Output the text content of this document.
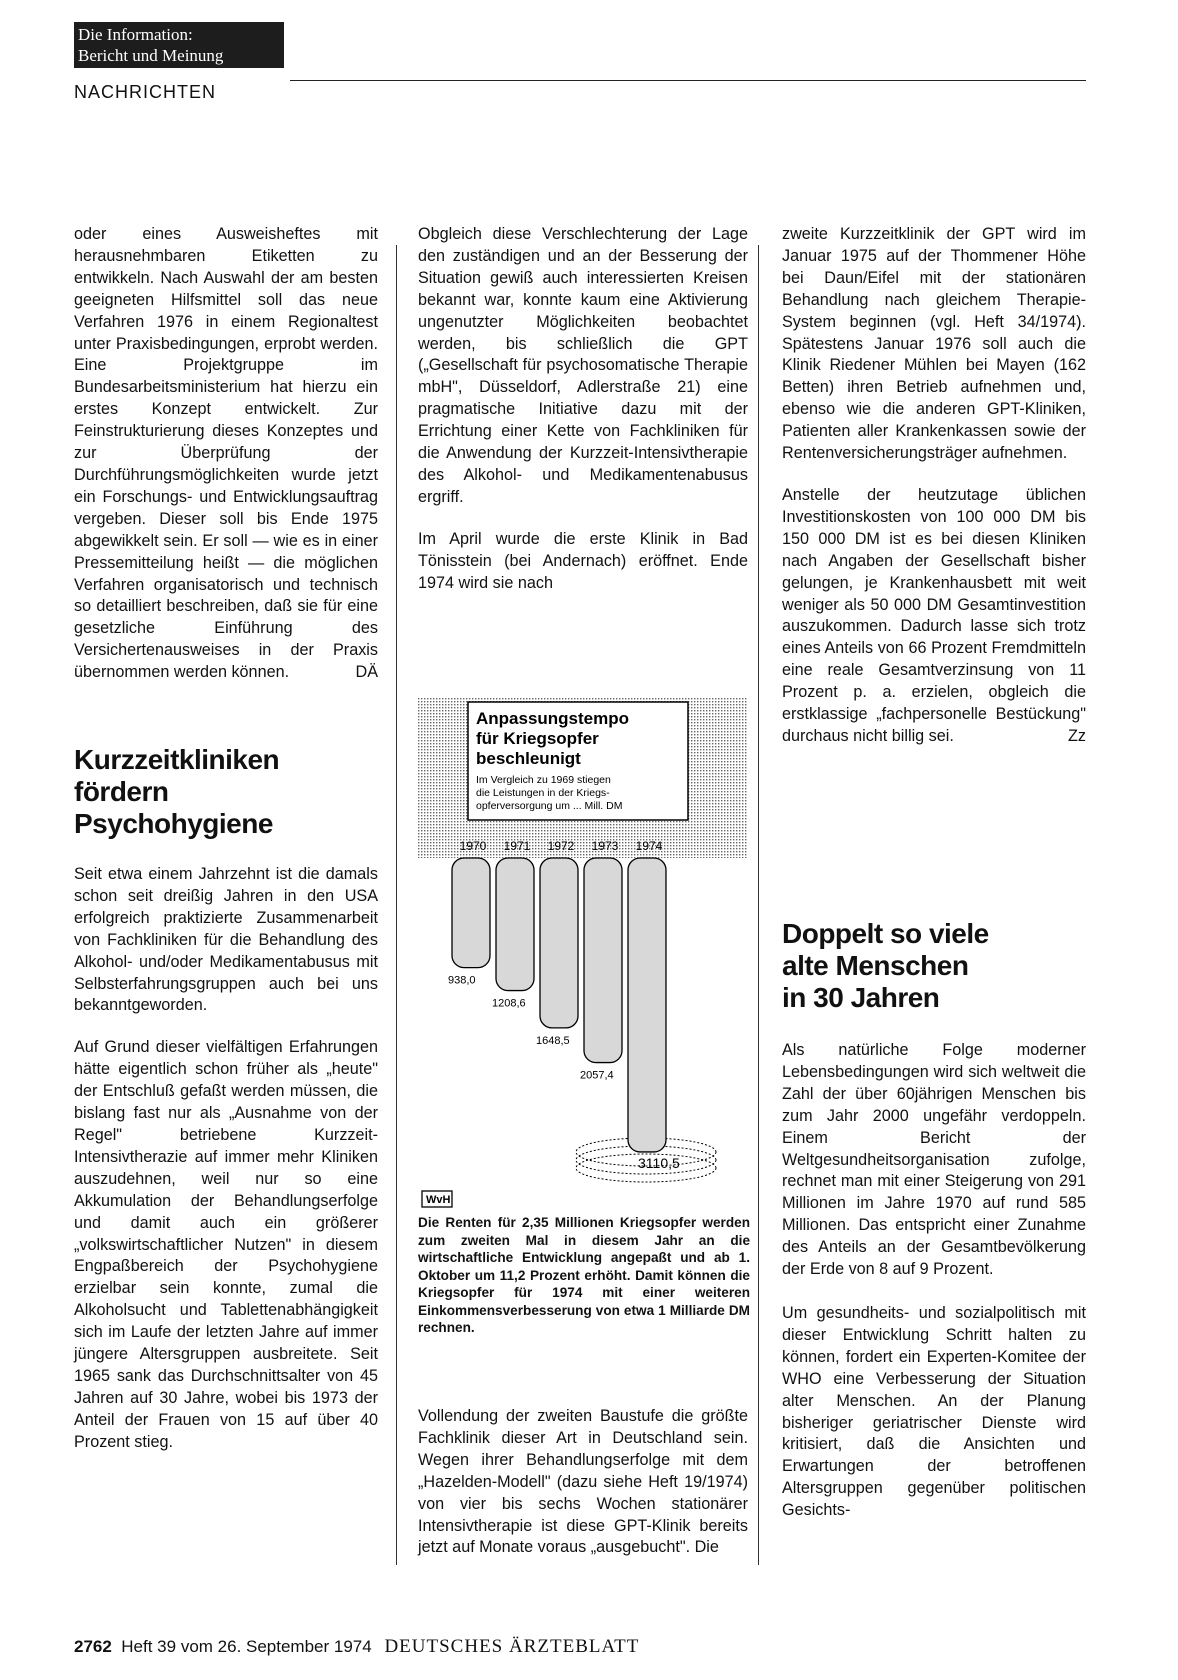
Die Information:
Bericht und Meinung
NACHRICHTEN

oder eines Ausweisheftes mit herausnehmbaren Etiketten zu entwikkeln. Nach Auswahl der am besten geeigneten Hilfsmittel soll das neue Verfahren 1976 in einem Regionaltest unter Praxisbedingungen, erprobt werden. Eine Projektgruppe im Bundesarbeitsministerium hat hierzu ein erstes Konzept entwickelt. Zur Feinstrukturierung dieses Konzeptes und zur Überprüfung der Durchführungsmöglichkeiten wurde jetzt ein Forschungs- und Entwicklungsauftrag vergeben. Dieser soll bis Ende 1975 abgewikkelt sein. Er soll — wie es in einer Pressemitteilung heißt — die möglichen Verfahren organisatorisch und technisch so detailliert beschreiben, daß sie für eine gesetzliche Einführung des Versichertenausweises in der Praxis übernommen werden können.	DÄ

Kurzzeitkliniken
fördern
Psychohygiene

Seit etwa einem Jahrzehnt ist die damals schon seit dreißig Jahren in den USA erfolgreich praktizierte Zusammenarbeit von Fachkliniken für die Behandlung des Alkohol- und/oder Medikamentabusus mit Selbsterfahrungsgruppen auch bei uns bekanntgeworden.

Auf Grund dieser vielfältigen Erfahrungen hätte eigentlich schon früher als „heute" der Entschluß gefaßt werden müssen, die bislang fast nur als „Ausnahme von der Regel" betriebene Kurzzeit-Intensivtherazie auf immer mehr Kliniken auszudehnen, weil nur so eine Akkumulation der Behandlungserfolge und damit auch ein größerer „volkswirtschaftlicher Nutzen" in diesem Engpaßbereich der Psychohygiene erzielbar sein konnte, zumal die Alkoholsucht und Tablettenabhängigkeit sich im Laufe der letzten Jahre auf immer jüngere Altersgruppen ausbreitete. Seit 1965 sank das Durchschnittsalter von 45 Jahren auf 30 Jahre, wobei bis 1973 der Anteil der Frauen von 15 auf über 40 Prozent stieg.

Obgleich diese Verschlechterung der Lage den zuständigen und an der Besserung der Situation gewiß auch interessierten Kreisen bekannt war, konnte kaum eine Aktivierung ungenutzter Möglichkeiten beobachtet werden, bis schließlich die GPT („Gesellschaft für psychosomatische Therapie mbH", Düsseldorf, Adlerstraße 21) eine pragmatische Initiative dazu mit der Errichtung einer Kette von Fachkliniken für die Anwendung der Kurzzeit-Intensivtherapie des Alkohol- und Medikamentenabusus ergriff.

Im April wurde die erste Klinik in Bad Tönisstein (bei Andernach) eröffnet. Ende 1974 wird sie nach

Anpassungstempo
für Kriegsopfer
beschleunigt
Im Vergleich zu 1969 stiegen
die Leistungen in der Kriegs-
opferversorgung um ... Mill. DM
1970
938,0
1971
1208,6
1972
1648,5
1973
2057,4
1974
3110,5
WvH
Die Renten für 2,35 Millionen Kriegsopfer werden zum zweiten Mal in diesem Jahr an die wirtschaftliche Entwicklung angepaßt und ab 1. Oktober um 11,2 Prozent erhöht. Damit können die Kriegsopfer für 1974 mit einer weiteren Einkommensverbesserung von etwa 1 Milliarde DM rechnen.

Vollendung der zweiten Baustufe die größte Fachklinik dieser Art in Deutschland sein. Wegen ihrer Behandlungserfolge mit dem „Hazelden-Modell" (dazu siehe Heft 19/1974) von vier bis sechs Wochen stationärer Intensivtherapie ist diese GPT-Klinik bereits jetzt auf Monate voraus „ausgebucht". Die

zweite Kurzzeitklinik der GPT wird im Januar 1975 auf der Thommener Höhe bei Daun/Eifel mit der stationären Behandlung nach gleichem Therapie-System beginnen (vgl. Heft 34/1974). Spätestens Januar 1976 soll auch die Klinik Riedener Mühlen bei Mayen (162 Betten) ihren Betrieb aufnehmen und, ebenso wie die anderen GPT-Kliniken, Patienten aller Krankenkassen sowie der Rentenversicherungsträger aufnehmen.

Anstelle der heutzutage üblichen Investitionskosten von 100 000 DM bis 150 000 DM ist es bei diesen Kliniken nach Angaben der Gesellschaft bisher gelungen, je Krankenhausbett mit weit weniger als 50 000 DM Gesamtinvestition auszukommen. Dadurch lasse sich trotz eines Anteils von 66 Prozent Fremdmitteln eine reale Gesamtverzinsung von 11 Prozent p. a. erzielen, obgleich die erstklassige „fachpersonelle Bestückung" durchaus nicht billig sei.	Zz

Doppelt so viele
alte Menschen
in 30 Jahren

Als natürliche Folge moderner Lebensbedingungen wird sich weltweit die Zahl der über 60jährigen Menschen bis zum Jahr 2000 ungefähr verdoppeln. Einem Bericht der Weltgesundheitsorganisation zufolge, rechnet man mit einer Steigerung von 291 Millionen im Jahre 1970 auf rund 585 Millionen. Das entspricht einer Zunahme des Anteils an der Gesamtbevölkerung der Erde von 8 auf 9 Prozent.

Um gesundheits- und sozialpolitisch mit dieser Entwicklung Schritt halten zu können, fordert ein Experten-Komitee der WHO eine Verbesserung der Situation alter Menschen. An der Planung bisheriger geriatrischer Dienste wird kritisiert, daß die Ansichten und Erwartungen der betroffenen Altersgruppen gegenüber politischen Gesichts-

2762 Heft 39 vom 26. September 1974 DEUTSCHES ÄRZTEBLATT
